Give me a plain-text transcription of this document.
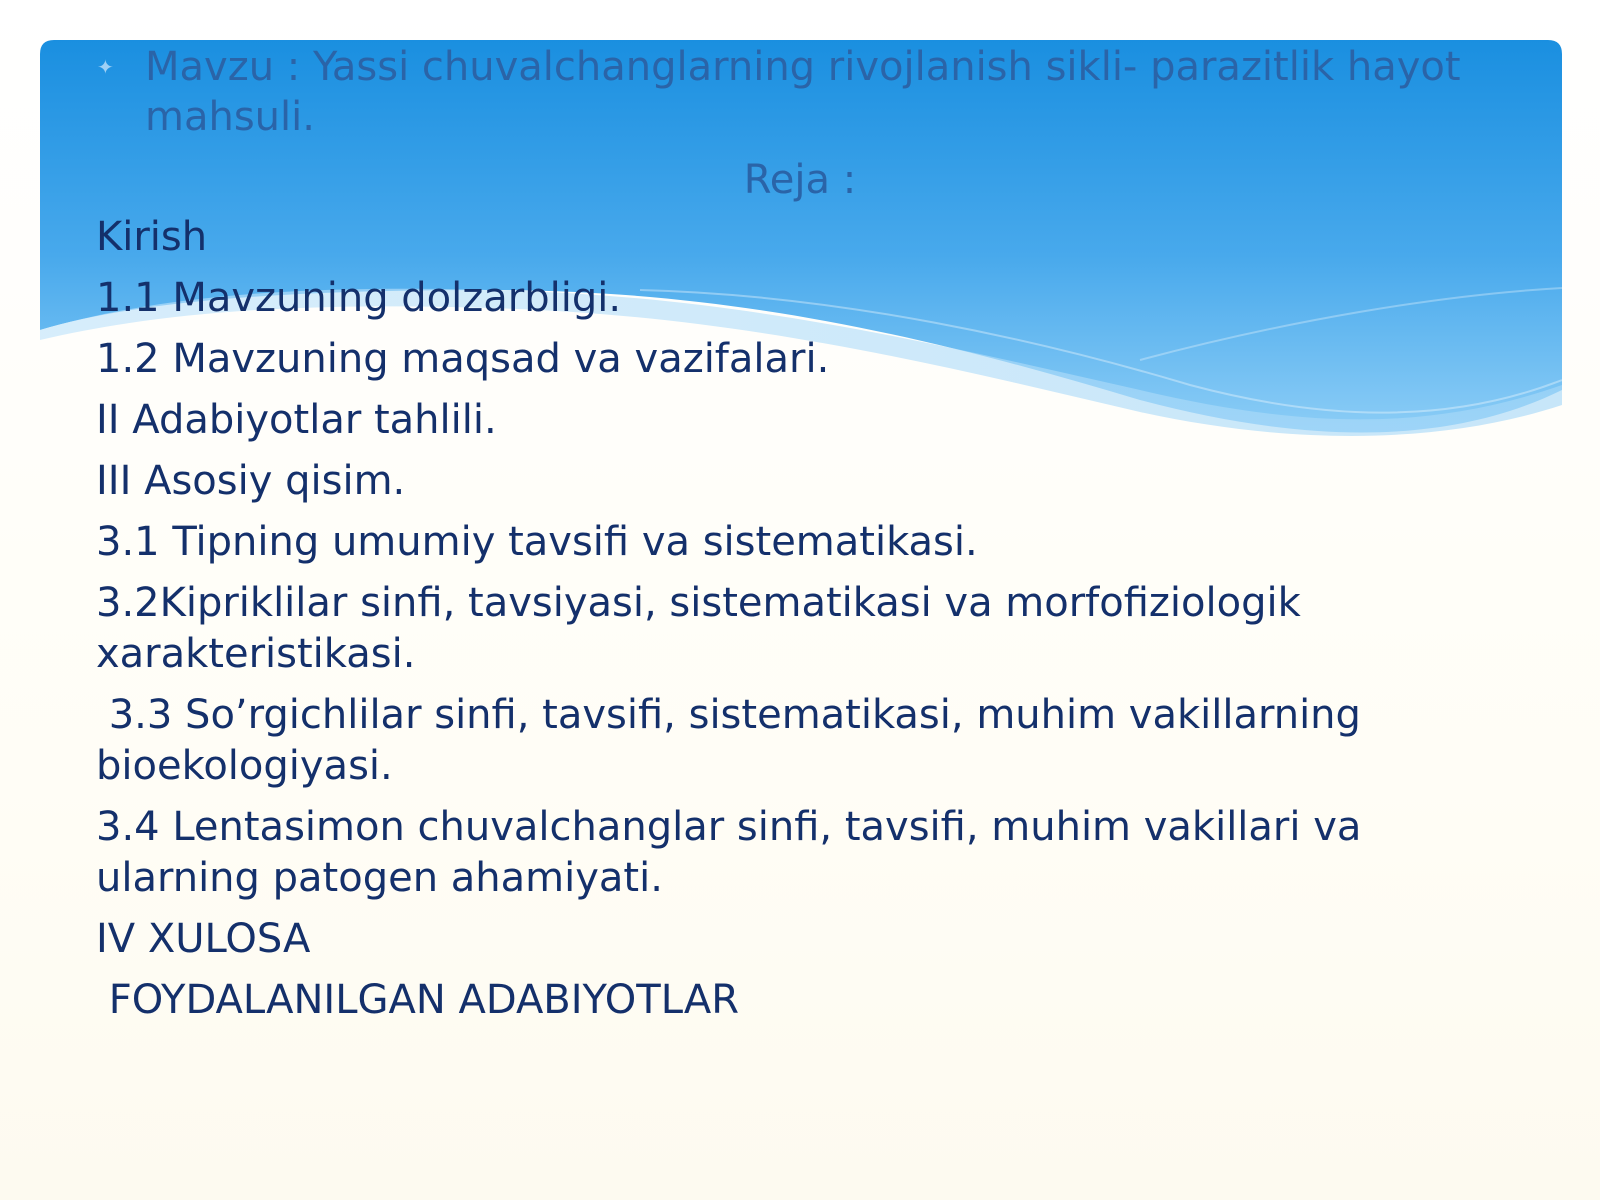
✦ Mavzu : Yassi chuvalchanglarning rivojlanish sikli- parazitlik hayot mahsuli.
Reja :
Kirish
1.1 Mavzuning dolzarbligi.
1.2 Mavzuning maqsad va vazifalari.
II Adabiyotlar tahlili.
III Asosiy qisim.
3.1 Tipning umumiy tavsifi va sistematikasi.
3.2Kipriklilar sinfi, tavsiyasi, sistematikasi va morfofiziologik xarakteristikasi.
3.3 So’rgichlilar sinfi, tavsifi, sistematikasi, muhim vakillarning bioekologiyasi.
3.4 Lentasimon chuvalchanglar sinfi, tavsifi, muhim vakillari va ularning patogen ahamiyati.
IV XULOSA
FOYDALANILGAN ADABIYOTLAR
